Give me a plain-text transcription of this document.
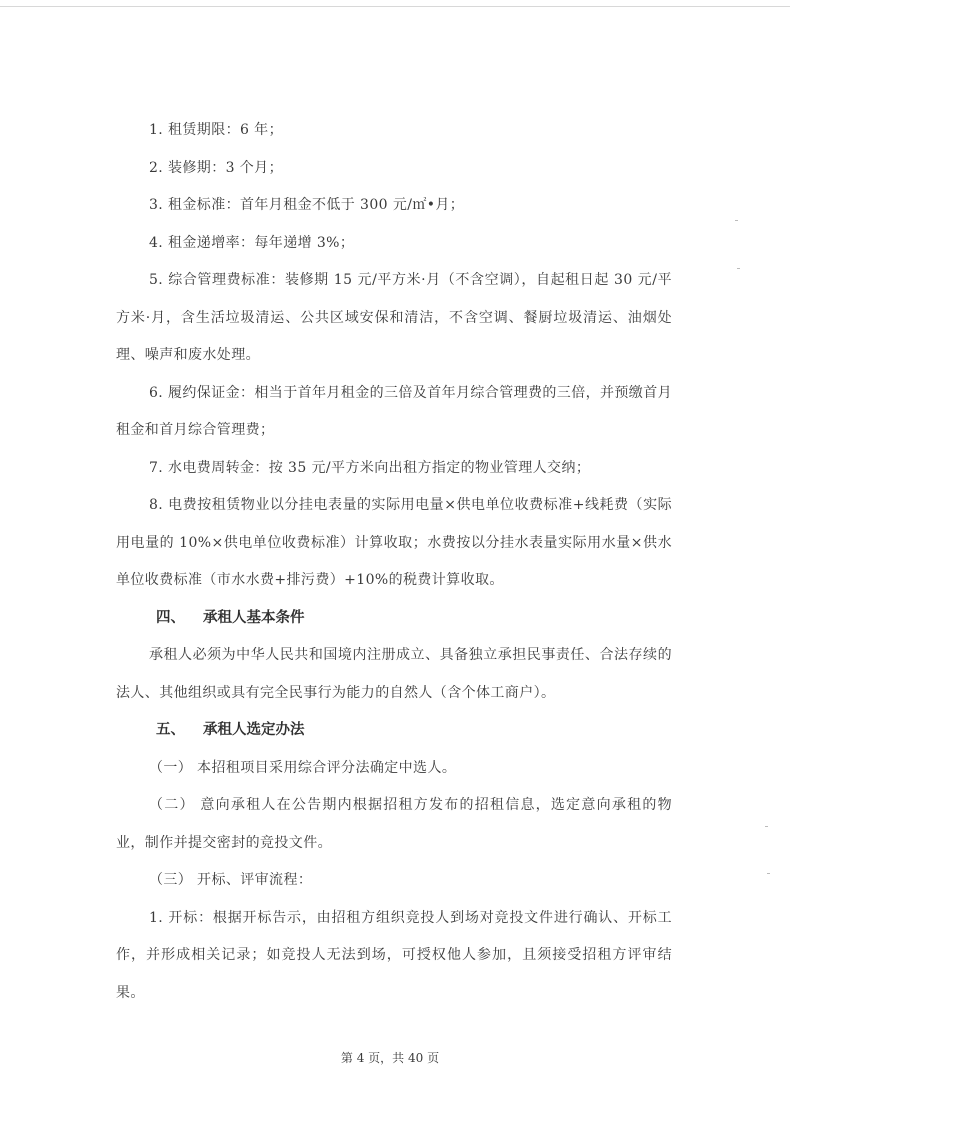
1. 租赁期限：6 年；

2. 装修期：3 个月；

3. 租金标准：首年月租金不低于 300 元/㎡•月；

4. 租金递增率：每年递增 3%；

5. 综合管理费标准：装修期 15 元/平方米·月（不含空调），自起租日起 30 元/平方米·月，含生活垃圾清运、公共区域安保和清洁，不含空调、餐厨垃圾清运、油烟处理、噪声和废水处理。

6. 履约保证金：相当于首年月租金的三倍及首年月综合管理费的三倍，并预缴首月租金和首月综合管理费；

7. 水电费周转金：按 35 元/平方米向出租方指定的物业管理人交纳；

8. 电费按租赁物业以分挂电表量的实际用电量×供电单位收费标准+线耗费（实际用电量的 10%×供电单位收费标准）计算收取；水费按以分挂水表量实际用水量×供水单位收费标准（市水水费+排污费）+10%的税费计算收取。

四、 承租人基本条件

承租人必须为中华人民共和国境内注册成立、具备独立承担民事责任、合法存续的法人、其他组织或具有完全民事行为能力的自然人（含个体工商户）。

五、 承租人选定办法

（一） 本招租项目采用综合评分法确定中选人。

（二） 意向承租人在公告期内根据招租方发布的招租信息，选定意向承租的物业，制作并提交密封的竞投文件。

（三） 开标、评审流程：

1. 开标：根据开标告示，由招租方组织竞投人到场对竞投文件进行确认、开标工作，并形成相关记录；如竞投人无法到场，可授权他人参加，且须接受招租方评审结果。

第 4 页，共 40 页
